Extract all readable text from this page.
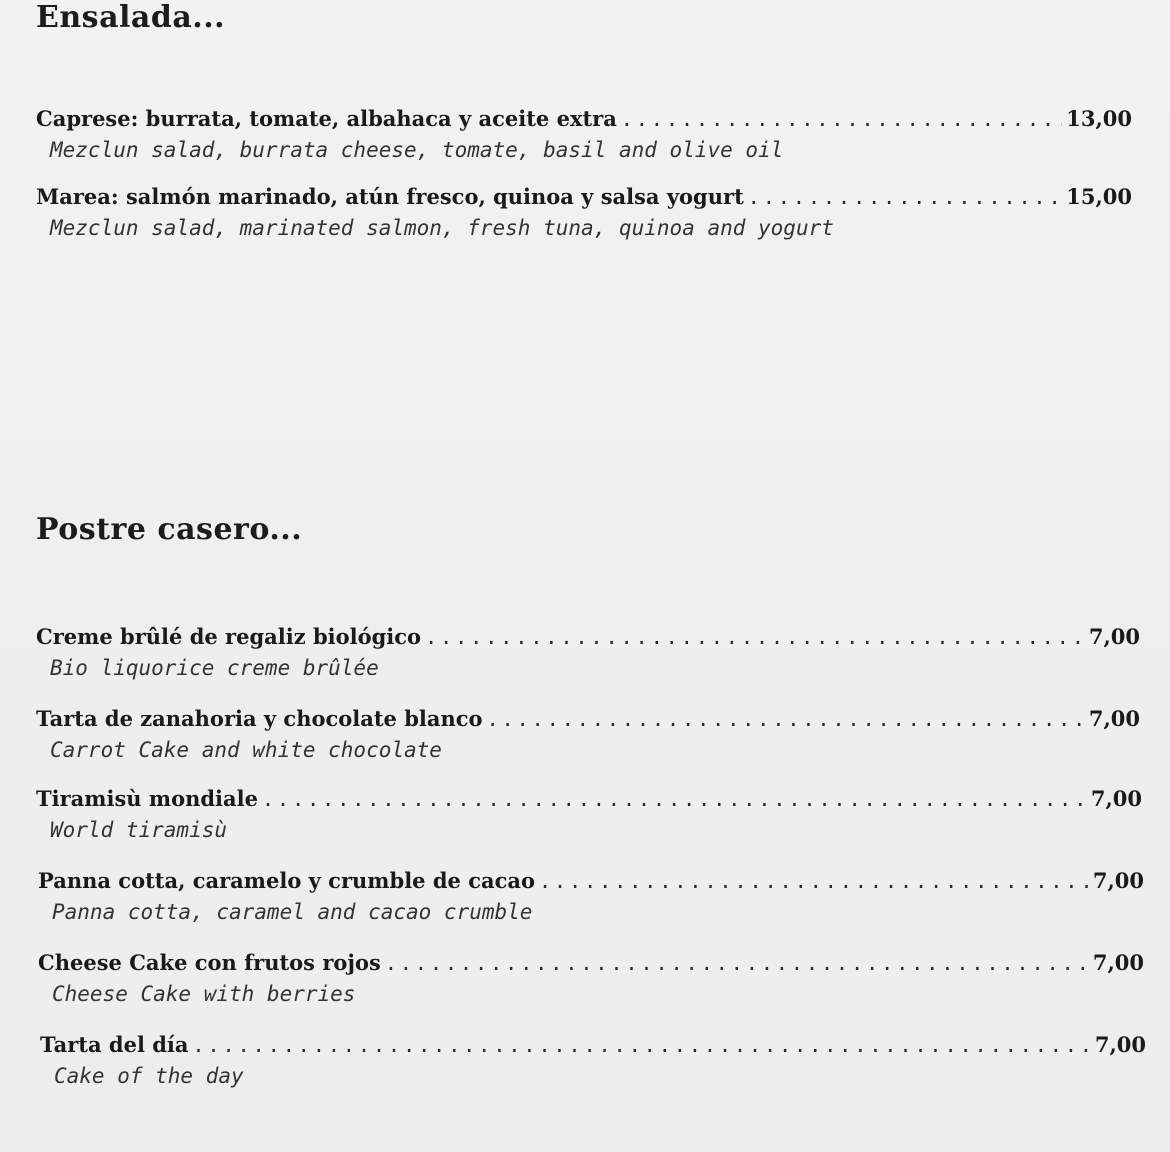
Ensalada...
Caprese: burrata, tomate, albahaca y aceite extra .....	13,00
Mezclun salad, burrata cheese, tomate, basil and olive oil
Marea: salmón marinado, atún fresco, quinoa y salsa yogurt .....	15,00
Mezclun salad, marinated salmon, fresh tuna, quinoa and yogurt
Postre casero...
Creme brûlé de regaliz biológico .....	7,00
Bio liquorice creme brûlée
Tarta de zanahoria y chocolate blanco .....	7,00
Carrot Cake and white chocolate
Tiramisù mondiale .....	7,00
World tiramisù
Panna cotta, caramelo y crumble de cacao .....	7,00
Panna cotta, caramel and cacao crumble
Cheese Cake con frutos rojos .....	7,00
Cheese Cake with berries
Tarta del día .....	7,00
Cake of the day
